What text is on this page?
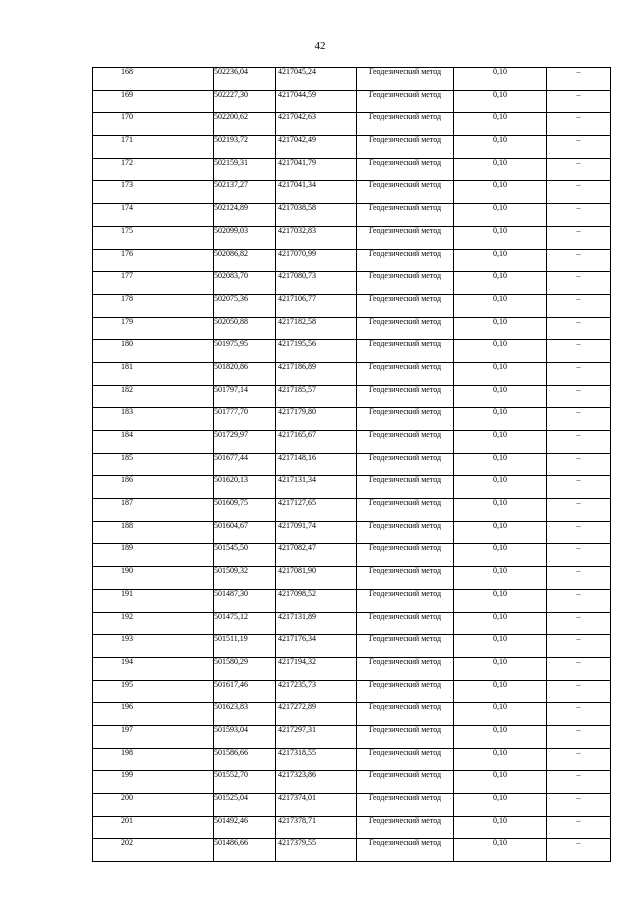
42
168	502236,04	4217045,24	Геодезический метод	0,10	–
169	502227,30	4217044,59	Геодезический метод	0,10	–
170	502200,62	4217042,63	Геодезический метод	0,10	–
171	502193,72	4217042,49	Геодезический метод	0,10	–
172	502159,31	4217041,79	Геодезический метод	0,10	–
173	502137,27	4217041,34	Геодезический метод	0,10	–
174	502124,89	4217038,58	Геодезический метод	0,10	–
175	502099,03	4217032,83	Геодезический метод	0,10	–
176	502086,82	4217070,99	Геодезический метод	0,10	–
177	502083,70	4217080,73	Геодезический метод	0,10	–
178	502075,36	4217106,77	Геодезический метод	0,10	–
179	502050,88	4217182,58	Геодезический метод	0,10	–
180	501975,95	4217195,56	Геодезический метод	0,10	–
181	501820,86	4217186,89	Геодезический метод	0,10	–
182	501797,14	4217185,57	Геодезический метод	0,10	–
183	501777,70	4217179,80	Геодезический метод	0,10	–
184	501729,97	4217165,67	Геодезический метод	0,10	–
185	501677,44	4217148,16	Геодезический метод	0,10	–
186	501620,13	4217131,34	Геодезический метод	0,10	–
187	501609,75	4217127,65	Геодезический метод	0,10	–
188	501604,67	4217091,74	Геодезический метод	0,10	–
189	501545,50	4217082,47	Геодезический метод	0,10	–
190	501509,32	4217081,90	Геодезический метод	0,10	–
191	501487,30	4217098,52	Геодезический метод	0,10	–
192	501475,12	4217131,89	Геодезический метод	0,10	–
193	501511,19	4217176,34	Геодезический метод	0,10	–
194	501580,29	4217194,32	Геодезический метод	0,10	–
195	501617,46	4217235,73	Геодезический метод	0,10	–
196	501623,83	4217272,89	Геодезический метод	0,10	–
197	501593,04	4217297,31	Геодезический метод	0,10	–
198	501586,66	4217318,55	Геодезический метод	0,10	–
199	501552,70	4217323,86	Геодезический метод	0,10	–
200	501525,04	4217374,01	Геодезический метод	0,10	–
201	501492,46	4217378,71	Геодезический метод	0,10	–
202	501486,66	4217379,55	Геодезический метод	0,10	–
